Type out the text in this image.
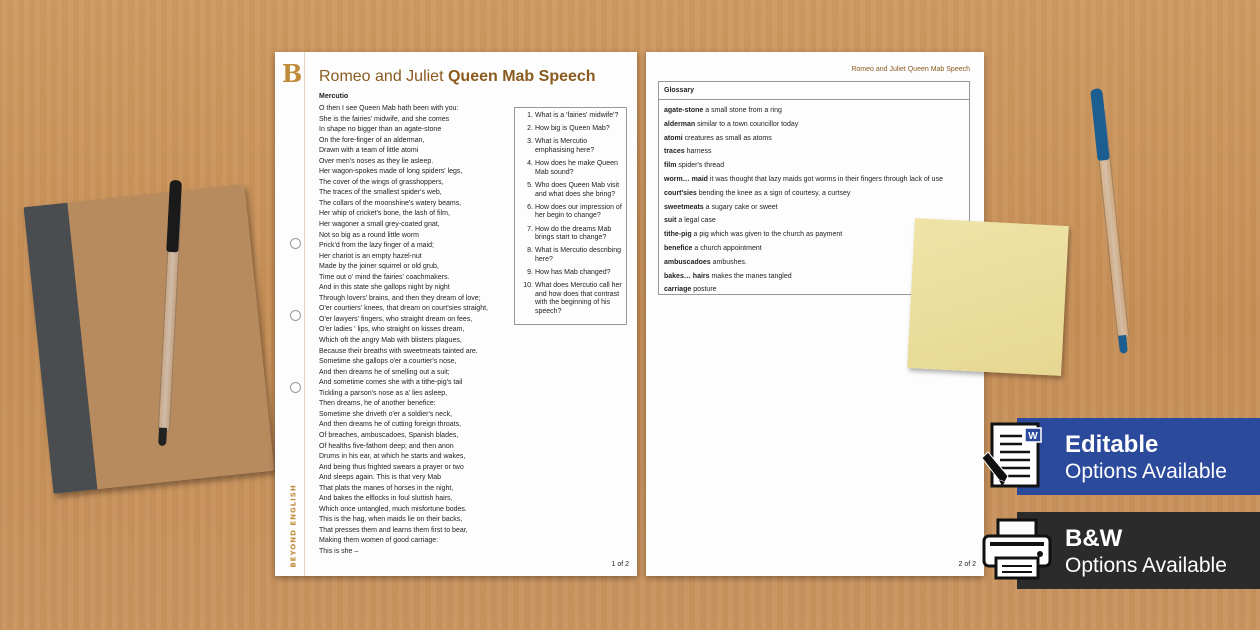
B
BEYOND ENGLISH
Romeo and Juliet Queen Mab Speech
Mercutio
O then I see Queen Mab hath been with you:
She is the fairies' midwife, and she comes
In shape no bigger than an agate-stone
On the fore-finger of an alderman,
Drawn with a team of little atomi
Over men's noses as they lie asleep.
Her wagon-spokes made of long spiders' legs,
The cover of the wings of grasshoppers,
The traces of the smallest spider's web,
The collars of the moonshine's watery beams,
Her whip of cricket's bone, the lash of film,
Her wagoner a small grey-coated gnat,
Not so big as a round little worm
Prick'd from the lazy finger of a maid;
Her chariot is an empty hazel-nut
Made by the joiner squirrel or old grub,
Time out o' mind the fairies' coachmakers.
And in this state she gallops night by night
Through lovers' brains, and then they dream of love;
O'er courtiers' knees, that dream on court'sies straight,
O'er lawyers' fingers, who straight dream on fees,
O'er ladies ' lips, who straight on kisses dream,
Which oft the angry Mab with blisters plagues,
Because their breaths with sweetmeats tainted are.
Sometime she gallops o'er a courtier's nose,
And then dreams he of smelling out a suit;
And sometime comes she with a tithe-pig's tail
Tickling a parson's nose as a' lies asleep,
Then dreams, he of another benefice:
Sometime she driveth o'er a soldier's neck,
And then dreams he of cutting foreign throats,
Of breaches, ambuscadoes, Spanish blades,
Of healths five-fathom deep; and then anon
Drums in his ear, at which he starts and wakes,
And being thus frighted swears a prayer or two
And sleeps again. This is that very Mab
That plats the manes of horses in the night,
And bakes the elflocks in foul sluttish hairs,
Which once untangled, much misfortune bodes.
This is the hag, when maids lie on their backs,
That presses them and learns them first to bear,
Making them women of good carriage:
This is she –
1. What is a 'fairies' midwife'?
2. How big is Queen Mab?
3. What is Mercutio emphasising here?
4. How does he make Queen Mab sound?
5. Who does Queen Mab visit and what does she bring?
6. How does our impression of her begin to change?
7. How do the dreams Mab brings start to change?
8. What is Mercutio describing here?
9. How has Mab changed?
10. What does Mercutio call her and how does that contrast with the beginning of his speech?
1 of 2
Romeo and Juliet Queen Mab Speech
Glossary
agate-stone a small stone from a ring
alderman similar to a town councillor today
atomi creatures as small as atoms
traces harness
film spider's thread
worm… maid it was thought that lazy maids got worms in their fingers through lack of use
court'sies bending the knee as a sign of courtesy, a curtsey
sweetmeats a sugary cake or sweet
suit a legal case
tithe-pig a pig which was given to the church as payment
benefice a church appointment
ambuscadoes ambushes.
bakes… hairs makes the manes tangled
carriage posture
2 of 2
Editable
Options Available
W
B&W
Options Available
